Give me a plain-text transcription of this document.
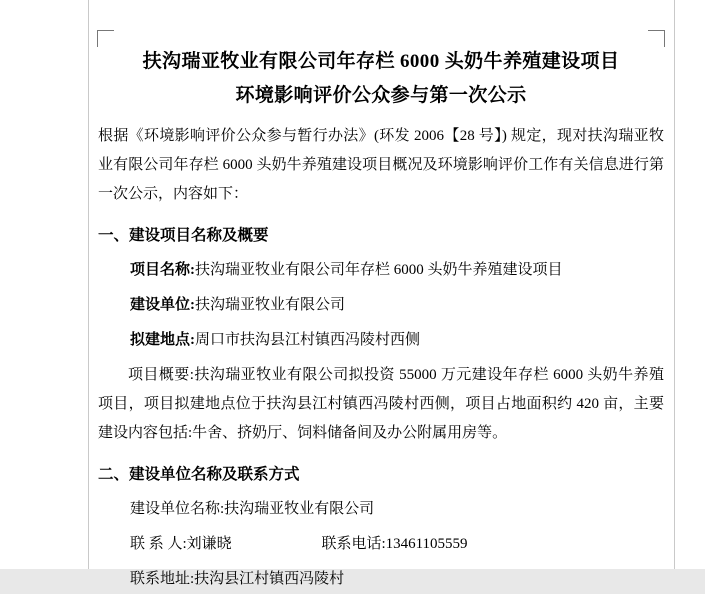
扶沟瑞亚牧业有限公司年存栏 6000 头奶牛养殖建设项目
环境影响评价公众参与第一次公示

根据《环境影响评价公众参与暂行办法》(环发 2006【28 号】) 规定，现对扶沟瑞亚牧业有限公司年存栏 6000 头奶牛养殖建设项目概况及环境影响评价工作有关信息进行第一次公示，内容如下：

一、建设项目名称及概要

项目名称:扶沟瑞亚牧业有限公司年存栏 6000 头奶牛养殖建设项目

建设单位:扶沟瑞亚牧业有限公司

拟建地点:周口市扶沟县江村镇西冯陵村西侧

项目概要:扶沟瑞亚牧业有限公司拟投资 55000 万元建设年存栏 6000 头奶牛养殖项目，项目拟建地点位于扶沟县江村镇西冯陵村西侧，项目占地面积约 420 亩，主要建设内容包括:牛舍、挤奶厅、饲料储备间及办公附属用房等。

二、建设单位名称及联系方式

建设单位名称:扶沟瑞亚牧业有限公司

联 系 人:刘谦晓	联系电话:13461105559

联系地址:扶沟县江村镇西冯陵村
